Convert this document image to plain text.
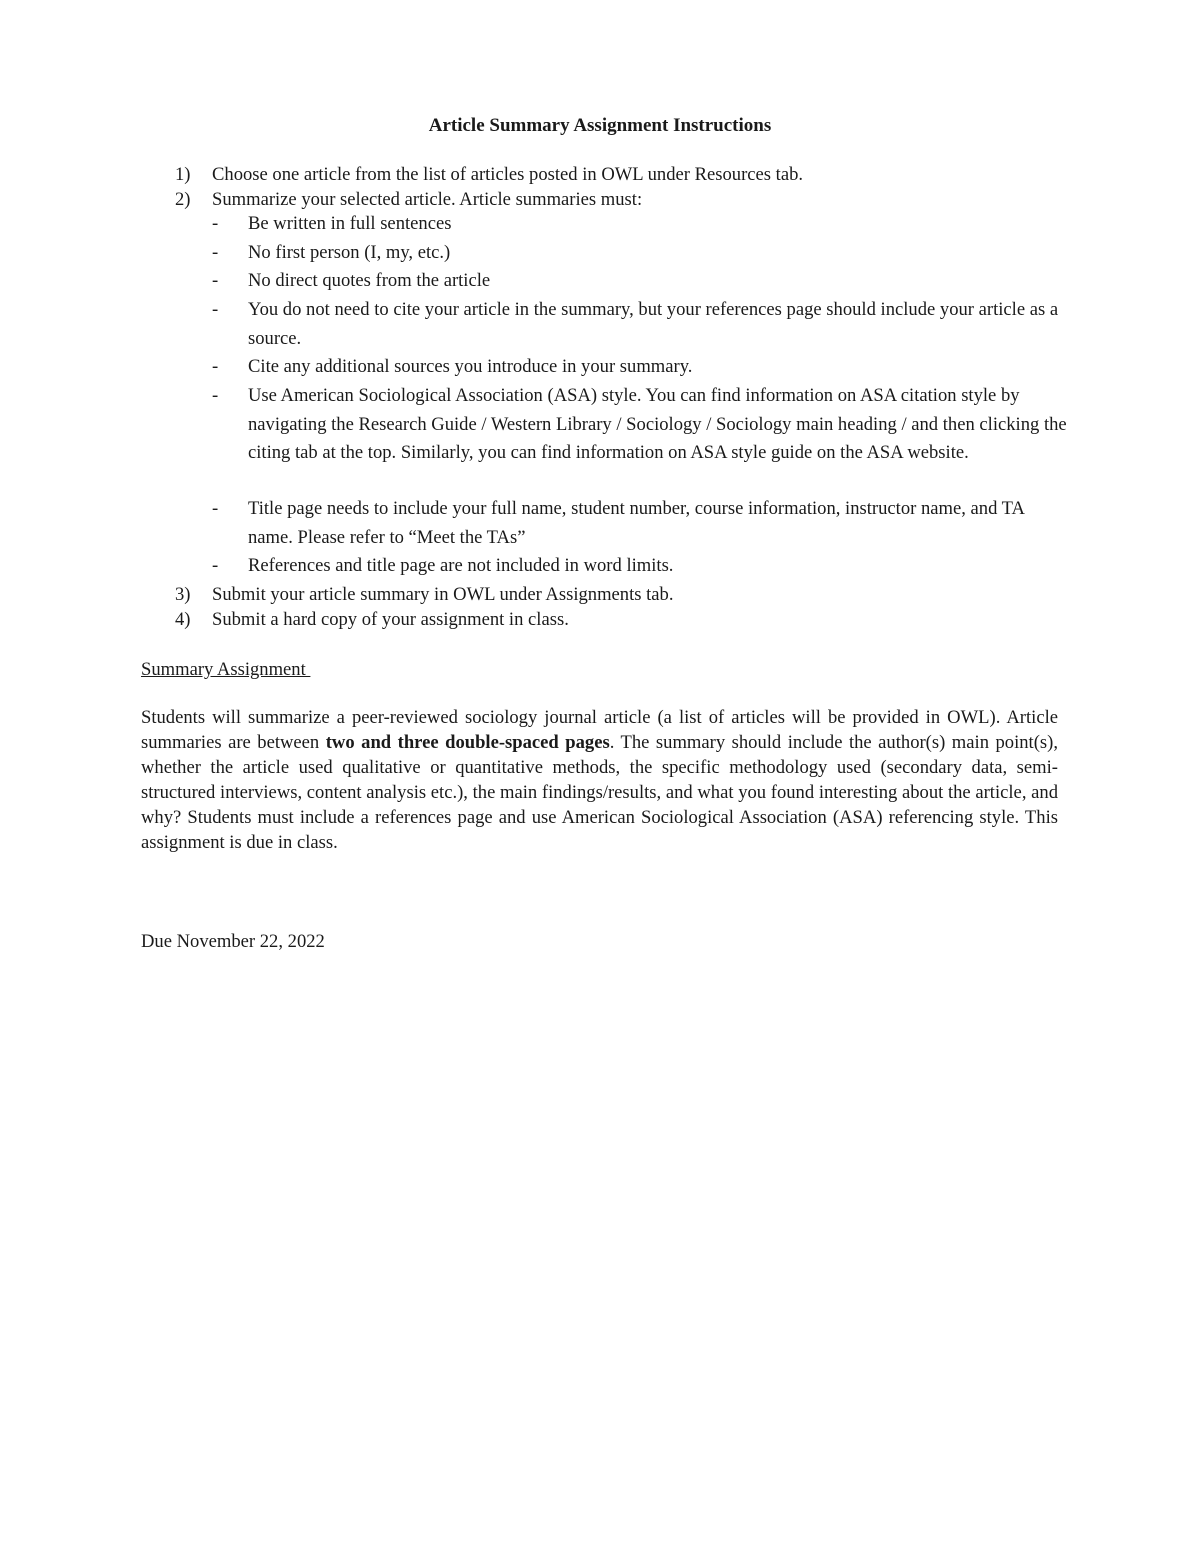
Article Summary Assignment Instructions
1) Choose one article from the list of articles posted in OWL under Resources tab.
2) Summarize your selected article. Article summaries must:
- Be written in full sentences
- No first person (I, my, etc.)
- No direct quotes from the article
- You do not need to cite your article in the summary, but your references page should include your article as a source.
- Cite any additional sources you introduce in your summary.
- Use American Sociological Association (ASA) style. You can find information on ASA citation style by navigating the Research Guide / Western Library / Sociology / Sociology main heading / and then clicking the citing tab at the top. Similarly, you can find information on ASA style guide on the ASA website.
- Title page needs to include your full name, student number, course information, instructor name, and TA name. Please refer to “Meet the TAs”
- References and title page are not included in word limits.
3) Submit your article summary in OWL under Assignments tab.
4) Submit a hard copy of your assignment in class.
Summary Assignment
Students will summarize a peer-reviewed sociology journal article (a list of articles will be provided in OWL). Article summaries are between two and three double-spaced pages. The summary should include the author(s) main point(s), whether the article used qualitative or quantitative methods, the specific methodology used (secondary data, semi-structured interviews, content analysis etc.), the main findings/results, and what you found interesting about the article, and why? Students must include a references page and use American Sociological Association (ASA) referencing style. This assignment is due in class.
Due November 22, 2022
